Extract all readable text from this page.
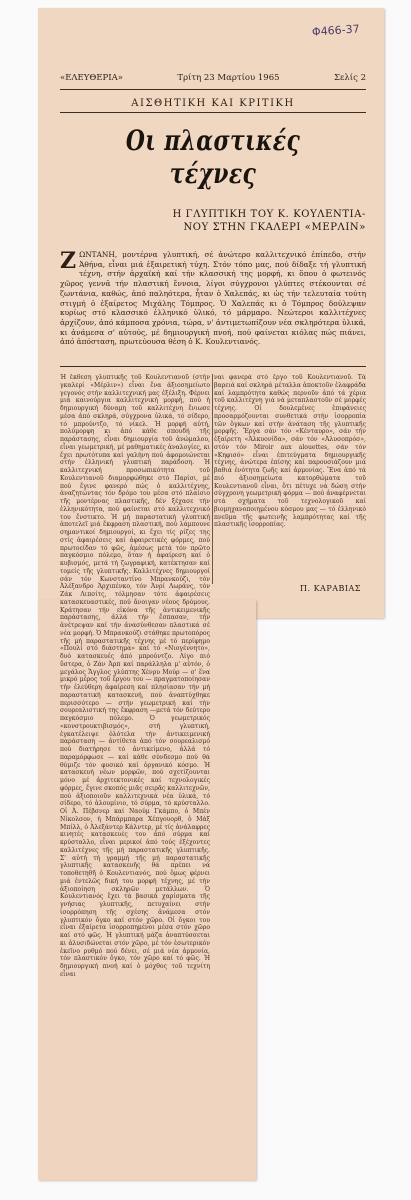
Φ466-37
«ΕΛΕΥΘΕΡΙΑ»	Τρίτη 23 Μαρτίου 1965	Σελίς 2
ΑΙΣΘΗΤΙΚΗ ΚΑΙ ΚΡΙΤΙΚΗ
Οι πλαστικές τέχνες
Η ΓΛΥΠΤΙΚΗ ΤΟΥ Κ. ΚΟΥΛΕΝΤΙΑ-
ΝΟΥ ΣΤΗΝ ΓΚΑΛΕΡΙ «ΜΕΡΛΙΝ»
ΖΩΝΤΑΝΗ, μοντέρνα γλυπτική, σέ ἀνώτερο καλλιτεχνικό ἐπίπεδο, στήν Ἀθήνα, εἶναι μιά ἐξαιρετική τύχη. Στόν τόπο μας, πού δίδαξε τή γλυπτική τέχνη, στήν ἀρχαϊκή καί τήν κλασσική της μορφή, κι ὅπου ὁ φωτεινός χῶρος γεννᾶ τήν πλαστική ἔννοια, λίγοι σύγχρονοι γλύπτες στέκουνται σέ ζωντάνια, καθώς, ἀπό παληότερα, ἦταν ὁ Χαλεπάς, κι ὡς τήν τελευταία τούτη στιγμή ὁ ἐξαίρετος Μιχάλης Τόμπρος. Ὁ Χαλεπάς κι ὁ Τόμπρος δούλεψαν κυρίως στό κλασσικό ἑλληνικό ὑλικό, τό μάρμαρο. Νεώτεροι καλλιτέχνες ἀρχίζουν, ἀπό κάμποσα χρόνια, τώρα, ν' ἀντιμετωπίζουν νέα σκληρότερα ὑλικά, κι ἀνάμεσα σ' αὐτούς, μέ δημιουργική πνοή, πού φαίνεται κιόλας πώς πιάνει, ἀπό ἀπόσταση, πρωτεύουσα θέση ὁ Κ. Κουλεντιανός.
Ἡ ἔκθεση γλυπτικῆς τοῦ Κουλεντιανοῦ (στήν γκαλερί «Μέρλιν») εἶναι ἕνα ἀξιοσημείωτο γεγονός στήν καλλιτεχνική μας ἐξέλιξη. Φέρνει μιά καινούργια καλλιτεχνική μορφή, πού ἡ δημιουργική δύναμη τοῦ καλλιτέχνη ἔνιωσε μέσα ἀπό σκληρά, σύγχρονα ὑλικά, τό σίδερο, τό μπρούντζο, τό νίκελ. Ἡ μορφή αὐτή, πολύμορφη κι ἀπό κάθε σπουδή τῆς παράστασης, εἶναι δημιουργία τοῦ ἀνώμαλου, εἶναι γεωμετρική, μέ μαθηματικές ἀναλογίες, κι ἔχει πρωτότυπα καί γαλήνη πού ἀφομοιώνεται στήν ἑλληνική γλυπτική παράδοση. Ἡ καλλιτεχνική προσωπικότητα τοῦ Κουλεντιανοῦ διαμορφώθηκε στό Παρίσι, μέ πού ἔγινε φανερό πώς ὁ καλλιτέχνης, ἀναζητώντας τόν δρόμο του μέσα στό πλαίσιο τῆς μοντέρνας πλαστικῆς, δέν ξέχασε τήν ἑλληνικότητα, πού φαίνεται στό καλλιτεχνικό του ἔνστικτο. Ἡ μή παραστατική γλυπτική ἀποτελεῖ μιά ἔκφραση πλαστική, πού λάμπουνε σημαντικοί δημιουργοί, κι ἔχει τίς ρίζες της στίς ἀφαιρέσεις καί ἀφαιρετικές φόρμες, πού πρωτοείδαν τό φῶς, ἀμέσως μετά τόν πρῶτο παγκόσμιο πόλεμο, ὅταν ἡ ἀφαίρεση καί ὁ κυβισμός, μετά τή ζωγραφική, κατέκτησαν καί τομείς τῆς γλυπτικῆς. Καλλιτέχνες δημιουργοί σάν τόν Κωνσταντίνο Μπρανκούζι, τόν Ἀλέξανδρο Ἀρχιπένκο, τόν Ἀνρί Λωράνς, τόν Ζάκ Λιπσίτς, τόλμησαν τότε ἀφαιρέσεις κατασκευαστικές, πού ἄνοιγαν νέους δρόμους. Κράτησαν τήν εἰκόνα τῆς ἀντικειμενικῆς παράστασης, ἀλλά τήν ἔσπασαν, τήν ἀνέτρεψαν καί τήν ἀνασύνθεσαν πλαστικά σέ νέα μορφή. Ὁ Μπρανκούζι στάθηκε πρωτοπόρος τῆς μή παραστατικῆς τέχνης μέ τό περίφημο «Πουλί στό διάστημα» καί τό «Νιογέννητο», δυό κατασκευές ἀπό μπρούντζο. Λίγο πιό ὕστερα, ὁ Ζάν Ἀρπ καί παράλληλα μ' αὐτόν, ὁ μεγάλος Ἄγγλος γλύπτης Χένρυ Μούρ — σ' ἕνα μικρό μέρος τοῦ ἔργου του — πραγματοποίησαν τήν ἐλεύθερη ἀφαίρεση καί πλησίασαν τήν μή παραστατική κατασκευή, πού ἀναπτύχθηκε περισσότερο — στήν γεωμετρική καί τήν σουρεαλιστική της ἔκφραση —μετά τόν δεύτερο παγκόσμιο πόλεμο. Ὁ γεωμετρικός «κονστρουκτιβισμός», στή γλυπτική, ἐγκατέλειψε ὁλότελα τήν ἀντικειμενική παράσταση — ἀντίθετα ἀπό τόν σουρεαλισμό πού διατήρησε τό ἀντικείμενο, ἀλλά τό παραμόρφωσε — καί κάθε σύνδεσμο πού θά θύμιζε τόν φυσικό καί ὀργανικό κόσμο. Ἡ κατασκευή νέων μορφῶν, πού σχετίζουνται μόνο μέ ἀρχιτεκτονικές καί τεχνολογικές φόρμες, ἔγινε σκοπός μιᾶς σειρᾶς καλλιτεχνῶν, πού ἀξιοποιοῦν καλλιτεχνικά νέα ὑλικά, τό σίδερο, τό ἀλουμίνιο, τό σύρμα, τό κρύσταλλο. Οἱ Ἀ. Πέβσνερ καί Ναούμ Γκάμπο, ὁ Μπέν Νίκολσον, ἡ Μπάρμπαρα Χέπγουορθ, ὁ Μάξ Μπίλλ, ὁ Ἀλεξάντερ Κάλντερ, μέ τίς ἀνάλαφρες κινητές κατασκευές του ἀπό σύρμα καί κρύσταλλο, εἶναι μερικοί ἀπό τούς ἐξέχοντες καλλιτέχνες τῆς μή παραστατικῆς γλυπτικῆς. Σ' αὐτή τή γραμμή τῆς μή παραστατικῆς γλυπτικῆς κατασκευῆς θά πρέπει νά τοποθετηθῆ ὁ Κουλεντιανός, πού ὅμως φέρνει μιά ἐντελῶς δική του μορφή τέχνης, μέ τήν ἀξιοποίηση σκληρῶν μετάλλων. Ὁ Κουλεντιανός ἔχει τά βασικά χαρίσματα τῆς γνήσιας γλυπτικῆς, πετυχαίνει στήν ἰσορρόπηση τῆς σχέσης ἀνάμεσα στόν γλυπτικόν ὄγκο καί στόν χῶρο. Οἱ ὄγκοι του εἶναι ἐξαίρετα ἰσορροπημένοι μέσα στόν χῶρο καί στό φῶς. Ἡ γλυπτική μάζα ἀναπτύσσεται κι ἀλυσιδώνεται στόν χῶρο, μέ τόν ἐσωτερικόν ἐκεῖνο ρυθμό πού δένει, σέ μιά νέα ἁρμονία, τόν πλαστικόν ὄγκο, τόν χῶρο καί τό φῶς. Ἡ δημιουργική πνοή καί ὁ μόχθος τοῦ τεχνίτη εἶναι
ναι φανερά στό ἔργο τοῦ Κουλεντιανοῦ. Τά βαρειά καί σκληρά μέταλλα ἀποκτοῦν ἐλαφράδα καί λαμπρότητα καθώς περνοῦν ἀπό τά χέρια τοῦ καλλιτέχνη γιά νά μεταπλαστοῦν σέ μορφές τέχνης. Οἱ δουλεμένες ἐπιφάνειες προσαρμόζουνται συνθετικά στήν ἰσορροπία τῶν ὄγκων καί στήν ἀνάταση τῆς γλυπτικῆς μορφῆς. Ἔργα σάν τόν «Κένταυρο», σάν τήν ἐξαίρετη «Ἀλκυονίδα», σάν τόν «Ἀλυσοπρόσ», στόν τόν Miroir aux alouettes, σάν τόν «Κηφισό» εἶναι ἐπιτεύγματα δημιουργικῆς τέχνης, ἀνώτερα ἐπίσης καί παρουσιάζουν μιά βαθιά ἑνότητα ζωῆς καί ἁρμονίας. Ἕνα ἀπό τά πιό ἀξιοσημείωτα κατορθώματα τοῦ Κουλεντιανοῦ εἶναι, ὅτι πέτυχε νά δώση στήν σύγχρονη γεωμετρική φόρμα — πού ἀναφέρνεται στά σχήματα τοῦ τεχνολογικοῦ καί βιομηχανοποιημένου κόσμου μας — τό ἑλληνικό πνεῦμα τῆς φωτεινῆς λαμπρότητας καί τῆς πλαστικῆς ἰσορροπίας.
Π. ΚΑΡΑΒΙΑΣ
